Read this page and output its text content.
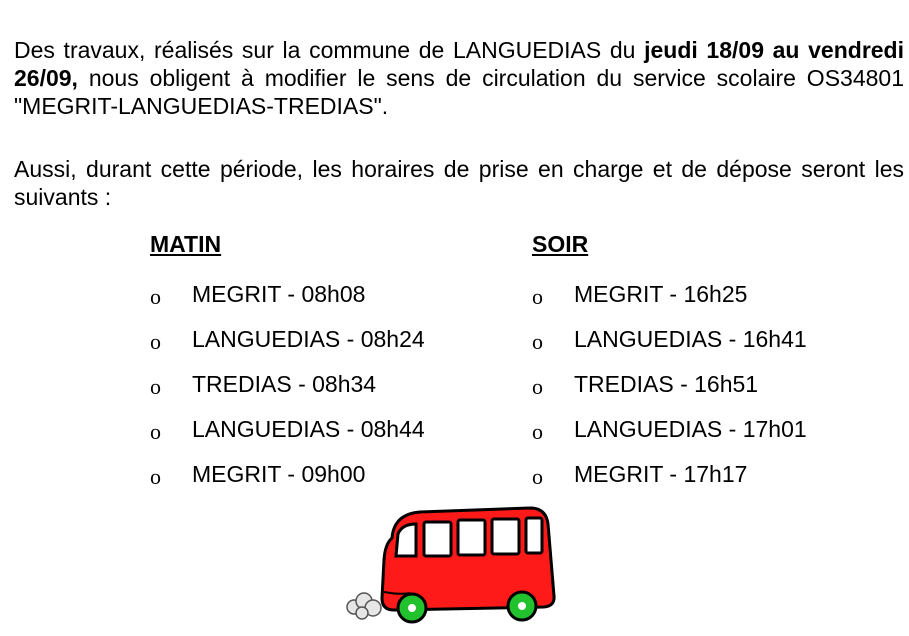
Des travaux, réalisés sur la commune de LANGUEDIAS du jeudi 18/09 au vendredi 26/09, nous obligent à modifier le sens de circulation du service scolaire OS34801 "MEGRIT-LANGUEDIAS-TREDIAS".
Aussi, durant cette période, les horaires de prise en charge et de dépose seront les suivants :
MATIN
o	MEGRIT - 08h08
o	LANGUEDIAS - 08h24
o	TREDIAS - 08h34
o	LANGUEDIAS - 08h44
o	MEGRIT - 09h00
SOIR
o	MEGRIT - 16h25
o	LANGUEDIAS - 16h41
o	TREDIAS - 16h51
o	LANGUEDIAS - 17h01
o	MEGRIT - 17h17
